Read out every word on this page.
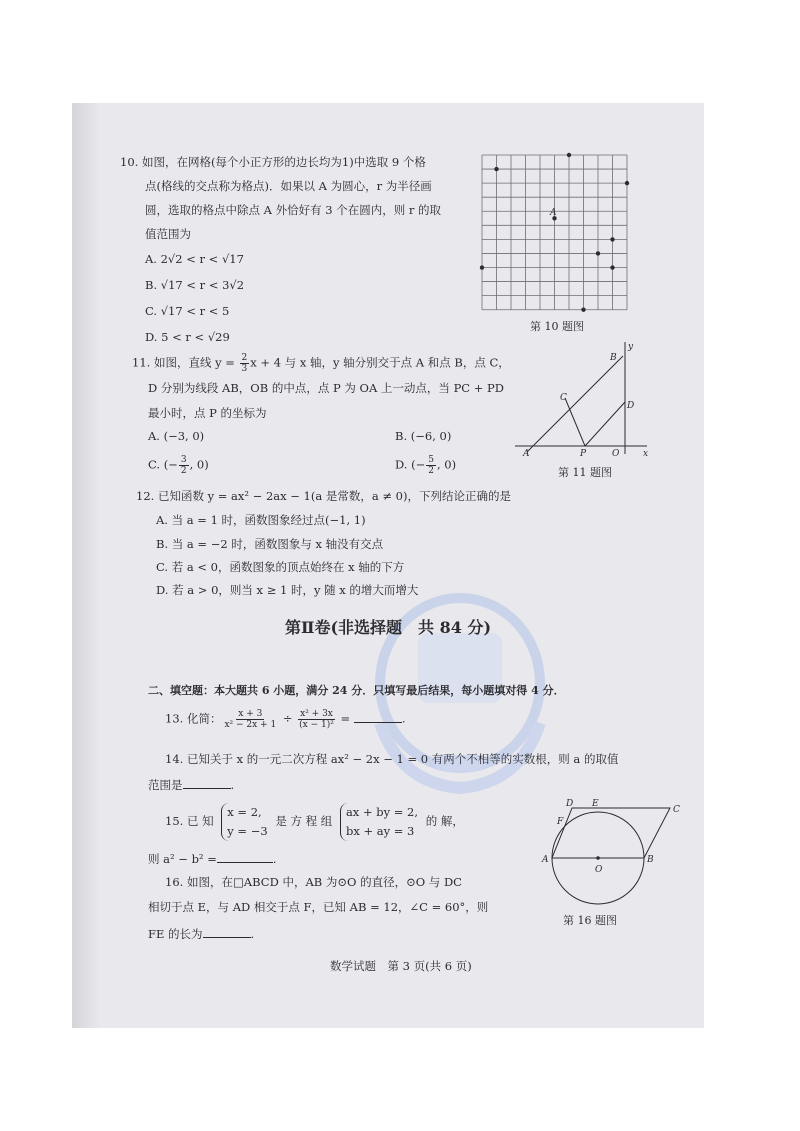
10. 如图，在网格(每个小正方形的边长均为1)中选取 9 个格
点(格线的交点称为格点)．如果以 A 为圆心，r 为半径画
圆，选取的格点中除点 A 外恰好有 3 个在圆内，则 r 的取
值范围为
A. 2√2 < r < √17
B. √17 < r < 3√2
C. √17 < r < 5
D. 5 < r < √29
A
第 10 题图
11. 如图，直线 $y = \frac{2}{3}$ x + 4 与 x 轴，y 轴分别交于点 A 和点 B，点 C，
D 分别为线段 AB，OB 的中点，点 P 为 OA 上一动点，当 PC + PD
最小时，点 P 的坐标为
A. (−3, 0)	B. (−6, 0)
C. (− $\frac{3}{2}$ , 0)	D. (− $\frac{5}{2}$ , 0)
y
B
C
D
A	P	O	x
第 11 题图
12. 已知函数 y = ax² − 2ax − 1(a 是常数，a ≠ 0)，下列结论正确的是
A. 当 a = 1 时，函数图象经过点(−1, 1)
B. 当 a = −2 时，函数图象与 x 轴没有交点
C. 若 a < 0，函数图象的顶点始终在 x 轴的下方
D. 若 a > 0，则当 x ≥ 1 时，y 随 x 的增大而增大
第Ⅱ卷(非选择题　共 84 分)
二、填空题：本大题共 6 小题，满分 24 分．只填写最后结果，每小题填对得 4 分．
13. 化简： $\frac{x + 3}{\text{x² − 2x + 1}} \div \frac{\text{x² + 3x}}{\text{(x − 1)²}}$ =	.
14. 已知关于 x 的一元二次方程 ax² − 2x − 1 = 0 有两个不相等的实数根，则 a 的取值
范围是	.
15. 已 知
x = 2,
y = −3
是 方 程 组
ax + by = 2,
bx + ay = 3
的 解，
则 a² − b² =	.
16. 如图，在□ABCD 中，AB 为⊙O 的直径，⊙O 与 DC
相切于点 E，与 AD 相交于点 F，已知 AB = 12，∠C = 60°，则
FE 的长为	.
D E
C
F
A
O
B
第 16 题图
数学试题　第 3 页(共 6 页)
